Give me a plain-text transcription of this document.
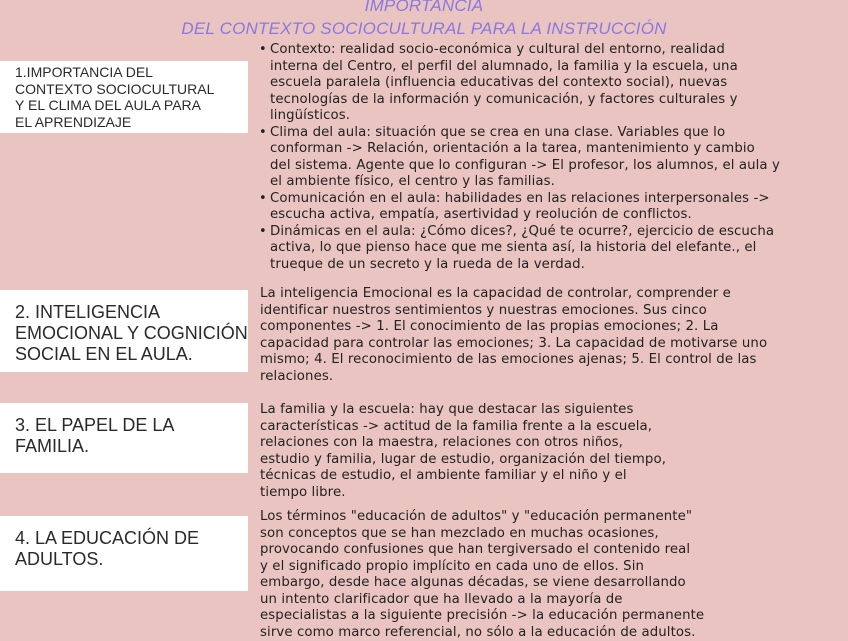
IMPORTANCIA
DEL CONTEXTO SOCIOCULTURAL PARA LA INSTRUCCIÓN
1.IMPORTANCIA DEL
CONTEXTO SOCIOCULTURAL
Y EL CLIMA DEL AULA PARA
EL APRENDIZAJE
• Contexto: realidad socio-económica y cultural del entorno, realidad
interna del Centro, el perfil del alumnado, la familia y la escuela, una
escuela paralela (influencia educativas del contexto social), nuevas
tecnologías de la información y comunicación, y factores culturales y
lingüísticos.
• Clima del aula: situación que se crea en una clase. Variables que lo
conforman -> Relación, orientación a la tarea, mantenimiento y cambio
del sistema. Agente que lo configuran -> El profesor, los alumnos, el aula y
el ambiente físico, el centro y las familias.
• Comunicación en el aula: habilidades en las relaciones interpersonales ->
escucha activa, empatía, asertividad y reolución de conflictos.
• Dinámicas en el aula: ¿Cómo dices?, ¿Qué te ocurre?, ejercicio de escucha
activa, lo que pienso hace que me sienta así, la historia del elefante., el
trueque de un secreto y la rueda de la verdad.
2. INTELIGENCIA
EMOCIONAL Y COGNICIÓN
SOCIAL EN EL AULA.

La inteligencia Emocional es la capacidad de controlar, comprender e
identificar nuestros sentimientos y nuestras emociones. Sus cinco
componentes -> 1. El conocimiento de las propias emociones; 2. La
capacidad para controlar las emociones; 3. La capacidad de motivarse uno
mismo; 4. El reconocimiento de las emociones ajenas; 5. El control de las
relaciones.

3. EL PAPEL DE LA
FAMILIA.

La familia y la escuela: hay que destacar las siguientes
características -> actitud de la familia frente a la escuela,
relaciones con la maestra, relaciones con otros niños,
estudio y familia, lugar de estudio, organización del tiempo,
técnicas de estudio, el ambiente familiar y el niño y el
tiempo libre.

4. LA EDUCACIÓN DE
ADULTOS.

Los términos "educación de adultos" y "educación permanente"
son conceptos que se han mezclado en muchas ocasiones,
provocando confusiones que han tergiversado el contenido real
y el significado propio implícito en cada uno de ellos. Sin
embargo, desde hace algunas décadas, se viene desarrollando
un intento clarificador que ha llevado a la mayoría de
especialistas a la siguiente precisión -> la educación permanente
sirve como marco referencial, no sólo a la educación de adultos.
